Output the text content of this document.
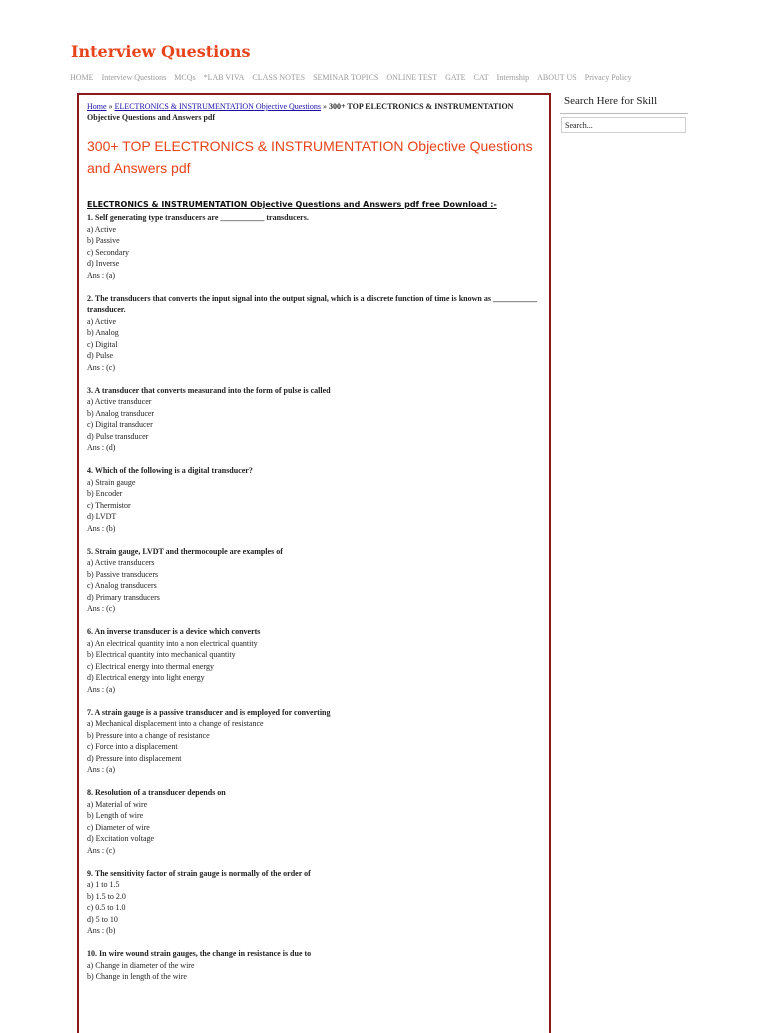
Interview Questions
HOME Interview Questions MCQs *LAB VIVA CLASS NOTES SEMINAR TOPICS ONLINE TEST GATE CAT Internship ABOUT US Privacy Policy
Home » ELECTRONICS & INSTRUMENTATION Objective Questions » 300+ TOP ELECTRONICS & INSTRUMENTATION Objective Questions and Answers pdf
300+ TOP ELECTRONICS & INSTRUMENTATION Objective Questions and Answers pdf
ELECTRONICS & INSTRUMENTATION Objective Questions and Answers pdf free Download :-
1. Self generating type transducers are ___________ transducers.
a) Active
b) Passive
c) Secondary
d) Inverse
Ans : (a)
2. The transducers that converts the input signal into the output signal, which is a discrete function of time is known as ___________ transducer.
a) Active
b) Analog
c) Digital
d) Pulse
Ans : (c)
3. A transducer that converts measurand into the form of pulse is called
a) Active transducer
b) Analog transducer
c) Digital transducer
d) Pulse transducer
Ans : (d)
4. Which of the following is a digital transducer?
a) Strain gauge
b) Encoder
c) Thermistor
d) LVDT
Ans : (b)
5. Strain gauge, LVDT and thermocouple are examples of
a) Active transducers
b) Passive transducers
c) Analog transducers
d) Primary transducers
Ans : (c)
6. An inverse transducer is a device which converts
a) An electrical quantity into a non electrical quantity
b) Electrical quantity into mechanical quantity
c) Electrical energy into thermal energy
d) Electrical energy into light energy
Ans : (a)
7. A strain gauge is a passive transducer and is employed for converting
a) Mechanical displacement into a change of resistance
b) Pressure into a change of resistance
c) Force into a displacement
d) Pressure into displacement
Ans : (a)
8. Resolution of a transducer depends on
a) Material of wire
b) Length of wire
c) Diameter of wire
d) Excitation voltage
Ans : (c)
9. The sensitivity factor of strain gauge is normally of the order of
a) 1 to 1.5
b) 1.5 to 2.0
c) 0.5 to 1.0
d) 5 to 10
Ans : (b)
10. In wire wound strain gauges, the change in resistance is due to
a) Change in diameter of the wire
b) Change in length of the wire
Search Here for Skill
Search...
